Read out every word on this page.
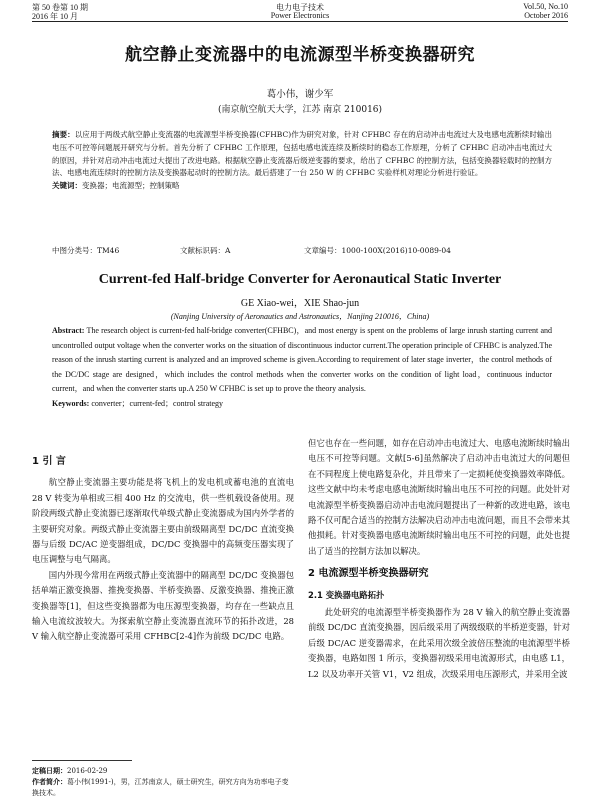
第 50 卷第 10 期	电力电子技术	Vol.50, No.10
2016 年 10 月	Power Electronics	October 2016
航空静止变流器中的电流源型半桥变换器研究
葛小伟，谢少军
(南京航空航天大学，江苏 南京 210016)
摘要：以应用于两级式航空静止变流器的电流源型半桥变换器(CFHBC)作为研究对象，针对 CFHBC 存在的启动冲击电流过大及电感电流断续时输出电压不可控等问题展开研究与分析。首先分析了 CFHBC 工作原理，包括电感电流连续及断续时的稳态工作原理，分析了 CFHBC 启动冲击电流过大的原因，并针对启动冲击电流过大提出了改进电路。根据航空静止变流器后级逆变器的要求，给出了 CFHBC 的控制方法，包括变换器轻载时的控制方法、电感电流连续时的控制方法及变换器起动时的控制方法。最后搭建了一台 250 W 的 CFHBC 实验样机对理论分析进行验证。
关键词：变换器；电流源型；控制策略
中图分类号：TM46	文献标识码：A	文章编号：1000-100X(2016)10-0089-04
Current-fed Half-bridge Converter for Aeronautical Static Inverter
GE Xiao-wei，XIE Shao-jun
(Nanjing University of Aeronautics and Astronautics，Nanjing 210016，China)
Abstract: The research object is current-fed half-bridge converter(CFHBC)，and most energy is spent on the problems of large inrush starting current and uncontrolled output voltage when the converter works on the situation of discontinuous inductor current.The operation principle of CFHBC is analyzed.The reason of the inrush starting current is analyzed and an improved scheme is given.According to requirement of later stage inverter，the control methods of the DC/DC stage are designed，which includes the control methods when the converter works on the condition of light load，continuous inductor current，and when the converter starts up.A 250 W CFHBC is set up to prove the theory analysis.
Keywords: converter；current-fed；control strategy
1 引 言
航空静止变流器主要功能是将飞机上的发电机或蓄电池的直流电 28 V 转变为单相或三相 400 Hz 的交流电，供一些机载设备使用。现阶段两级式静止变流器已逐渐取代单级式静止变流器成为国内外学者的主要研究对象。两级式静止变流器主要由前级隔离型 DC/DC 直流变换器与后级 DC/AC 逆变器组成，DC/DC 变换器中的高频变压器实现了电压调整与电气隔离。
国内外现今常用在两级式静止变流器中的隔离型 DC/DC 变换器包括单端正激变换器、推挽变换器、半桥变换器、反激变换器、推挽正激变换器等[1]，但这些变换器都为电压源型变换器，均存在一些缺点且输入电流纹波较大。为探索航空静止变流器直流环节的拓扑改进，28 V 输入航空静止变流器可采用 CFHBC[2-4]作为前级 DC/DC 电路。
但它也存在一些问题，如存在启动冲击电流过大、电感电流断续时输出电压不可控等问题。文献[5-6]虽然解决了启动冲击电流过大的问题但在不同程度上使电路复杂化，并且带来了一定损耗使变换器效率降低。这些文献中均未考虑电感电流断续时输出电压不可控的问题。此处针对电流源型半桥变换器启动冲击电流问题提出了一种新的改进电路，该电路不仅可配合适当的控制方法解决启动冲击电流问题，而且不会带来其他损耗。针对变换器电感电流断续时输出电压不可控的问题，此处也提出了适当的控制方法加以解决。
2 电流源型半桥变换器研究
2.1 变换器电路拓扑
此处研究的电流源型半桥变换器作为 28 V 输入的航空静止变流器前级 DC/DC 直流变换器，因后级采用了两级级联的半桥逆变器，针对后级 DC/AC 逆变器需求，在此采用次级全波倍压整流的电流源型半桥变换器，电路如图 1 所示，变换器初级采用电流源形式，由电感 L1，L2 以及功率开关管 V1，V2 组成，次级采用电压源形式，并采用全波
定稿日期：2016-02-29
作者简介：葛小伟(1991-)，男，江苏南京人，硕士研究生，研究方向为功率电子变换技术。
